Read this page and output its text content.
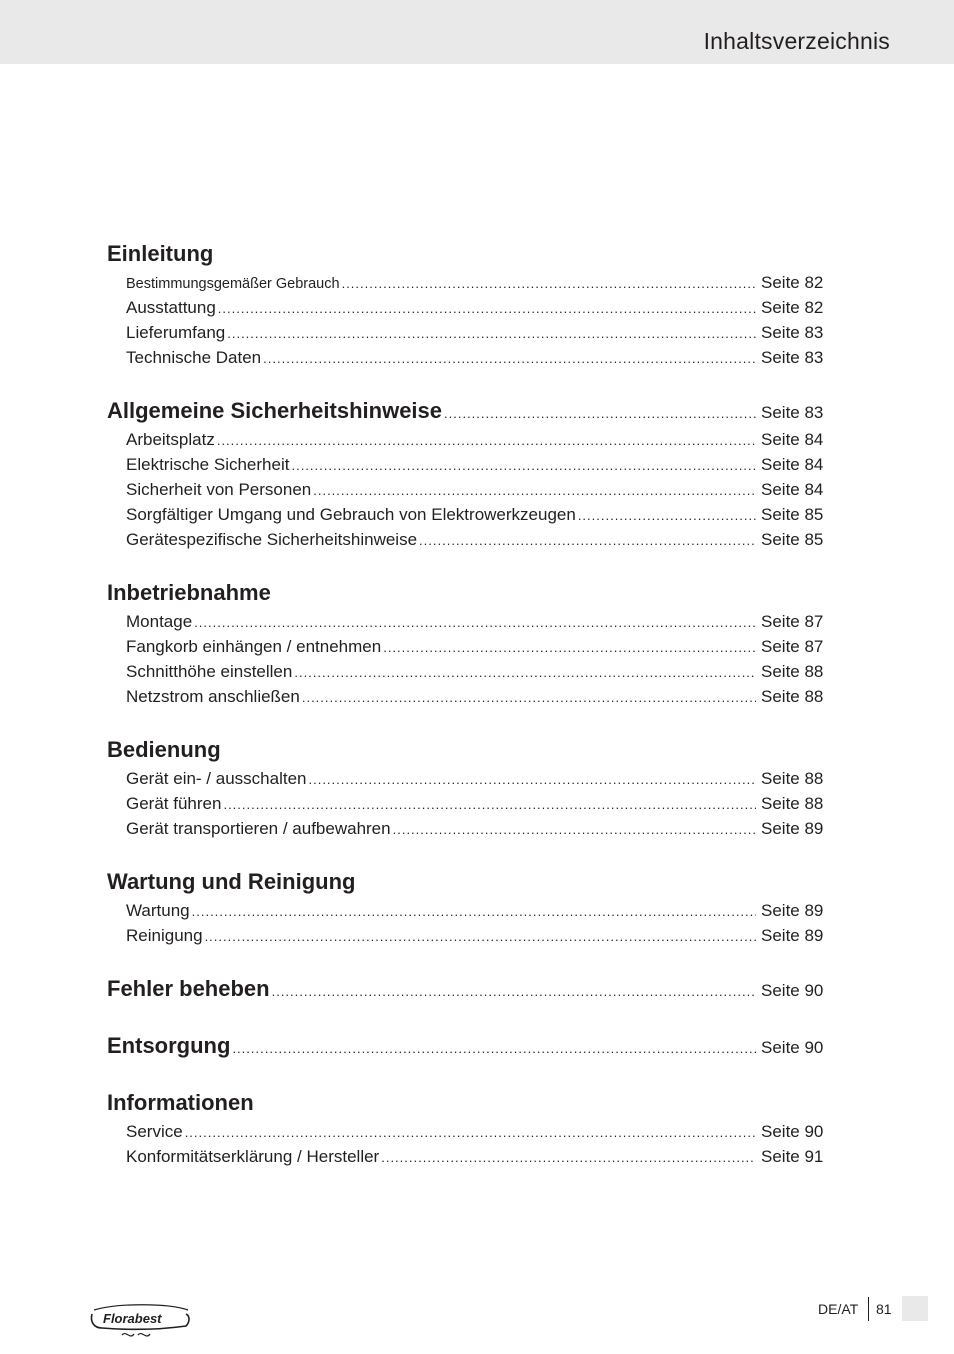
Inhaltsverzeichnis
Einleitung
Bestimmungsgemäßer Gebrauch .....	Seite 82
Ausstattung .....	Seite 82
Lieferumfang .....	Seite 83
Technische Daten .....	Seite 83
Allgemeine Sicherheitshinweise .....	Seite 83
Arbeitsplatz .....	Seite 84
Elektrische Sicherheit .....	Seite 84
Sicherheit von Personen .....	Seite 84
Sorgfältiger Umgang und Gebrauch von Elektrowerkzeugen .....	Seite 85
Gerätespezifische Sicherheitshinweise .....	Seite 85
Inbetriebnahme
Montage .....	Seite 87
Fangkorb einhängen / entnehmen .....	Seite 87
Schnitthöhe einstellen .....	Seite 88
Netzstrom anschließen .....	Seite 88
Bedienung
Gerät ein- / ausschalten .....	Seite 88
Gerät führen .....	Seite 88
Gerät transportieren / aufbewahren .....	Seite 89
Wartung und Reinigung
Wartung .....	Seite 89
Reinigung .....	Seite 89
Fehler beheben .....	Seite 90
Entsorgung .....	Seite 90
Informationen
Service .....	Seite 90
Konformitätserklärung / Hersteller .....	Seite 91
Florabest
DE/AT 81
